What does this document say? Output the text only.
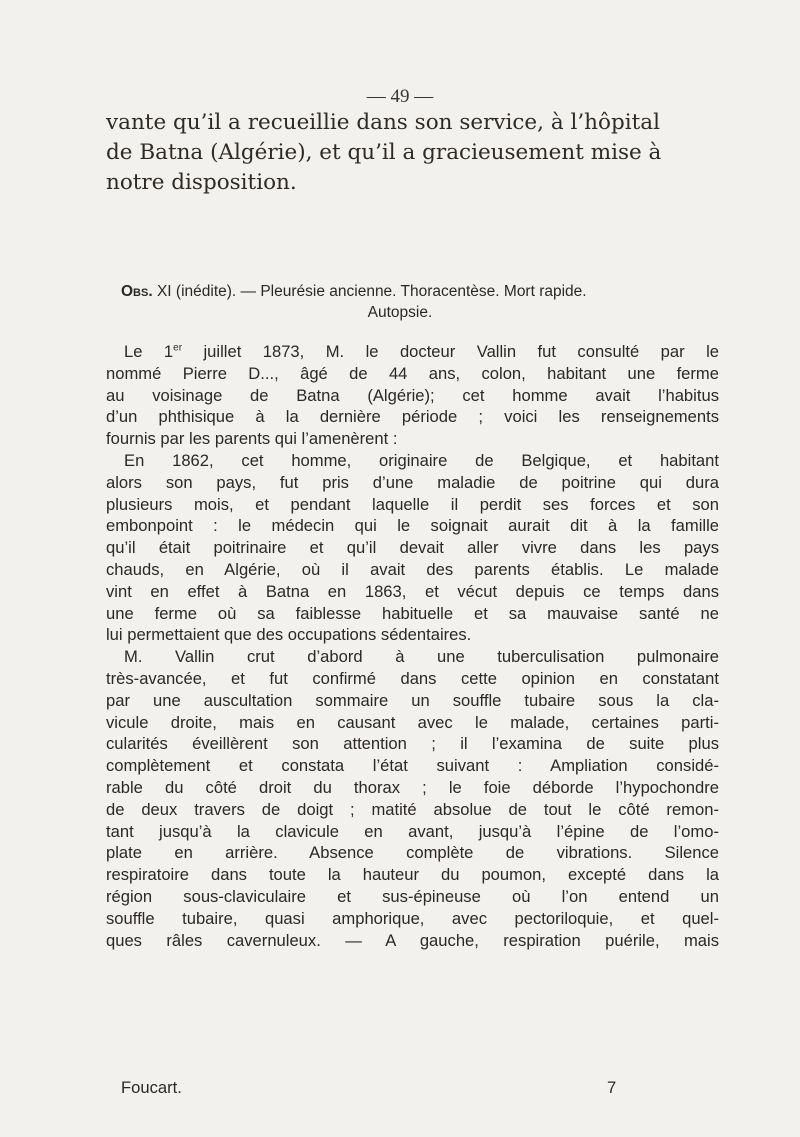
— 49 —
vante qu’il a recueillie dans son service, à l’hôpital
de Batna (Algérie), et qu’il a gracieusement mise à
notre disposition.
Obs. XI (inédite). — Pleurésie ancienne. Thoracentèse. Mort rapide.
Autopsie.
Le 1er juillet 1873, M. le docteur Vallin fut consulté par le
nommé Pierre D..., âgé de 44 ans, colon, habitant une ferme
au voisinage de Batna (Algérie); cet homme avait l’habitus
d’un phthisique à la dernière période ; voici les renseignements
fournis par les parents qui l’amenèrent :
En 1862, cet homme, originaire de Belgique, et habitant
alors son pays, fut pris d’une maladie de poitrine qui dura
plusieurs mois, et pendant laquelle il perdit ses forces et son
embonpoint : le médecin qui le soignait aurait dit à la famille
qu’il était poitrinaire et qu’il devait aller vivre dans les pays
chauds, en Algérie, où il avait des parents établis. Le malade
vint en effet à Batna en 1863, et vécut depuis ce temps dans
une ferme où sa faiblesse habituelle et sa mauvaise santé ne
lui permettaient que des occupations sédentaires.
M. Vallin crut d’abord à une tuberculisation pulmonaire
très-avancée, et fut confirmé dans cette opinion en constatant
par une auscultation sommaire un souffle tubaire sous la cla-
vicule droite, mais en causant avec le malade, certaines parti-
cularités éveillèrent son attention ; il l’examina de suite plus
complètement et constata l’état suivant : Ampliation considé-
rable du côté droit du thorax ; le foie déborde l’hypochondre
de deux travers de doigt ; matité absolue de tout le côté remon-
tant jusqu’à la clavicule en avant, jusqu’à l’épine de l’omo-
plate en arrière. Absence complète de vibrations. Silence
respiratoire dans toute la hauteur du poumon, excepté dans la
région sous-claviculaire et sus-épineuse où l’on entend un
souffle tubaire, quasi amphorique, avec pectoriloquie, et quel-
ques râles cavernuleux. — A gauche, respiration puérile, mais
Foucart.	7
